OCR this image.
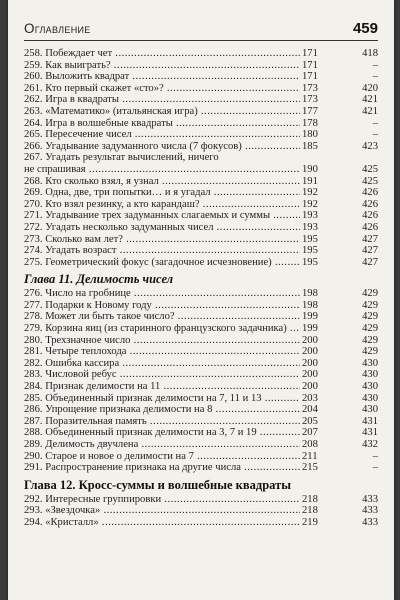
Оглавление	459
258. Побеждает чет .....	171	418
259. Как выиграть? .....	171	–
260. Выложить квадрат .....	171	–
261. Кто первый скажет «сто»? .....	173	420
262. Игра в квадраты .....	173	421
263. «Математико» (итальянская игра) .....	177	421
264. Игра в волшебные квадраты .....	178	–
265. Пересечение чисел .....	180	–
266. Угадывание задуманного числа (7 фокусов) .....	185	423
267. Угадать результат вычислений, ничего
не спрашивая .....	190	425
268. Кто сколько взял, я узнал .....	191	425
269. Одна, две, три попытки… и я угадал .....	192	426
270. Кто взял резинку, а кто карандаш? .....	192	426
271. Угадывание трех задуманных слагаемых и суммы .....	193	426
272. Угадать несколько задуманных чисел .....	193	426
273. Сколько вам лет? .....	195	427
274. Угадать возраст .....	195	427
275. Геометрический фокус (загадочное исчезновение) .....	195	427
Глава 11. Делимость чисел
276. Число на гробнице .....	198	429
277. Подарки к Новому году .....	198	429
278. Может ли быть такое число? .....	199	429
279. Корзина яиц (из старинного французского задачника) .....	199	429
280. Трехзначное число .....	200	429
281. Четыре теплохода .....	200	429
282. Ошибка кассира .....	200	430
283. Числовой ребус .....	200	430
284. Признак делимости на 11 .....	200	430
285. Объединенный признак делимости на 7, 11 и 13 .....	203	430
286. Упрощение признака делимости на 8 .....	204	430
287. Поразительная память .....	205	431
288. Объединенный признак делимости на 3, 7 и 19 .....	207	431
289. Делимость двучлена .....	208	432
290. Старое и новое о делимости на 7 .....	211	–
291. Распространение признака на другие числа .....	215	–
Глава 12. Кросс-суммы и волшебные квадраты
292. Интересные группировки .....	218	433
293. «Звездочка» .....	218	433
294. «Кристалл» .....	219	433
